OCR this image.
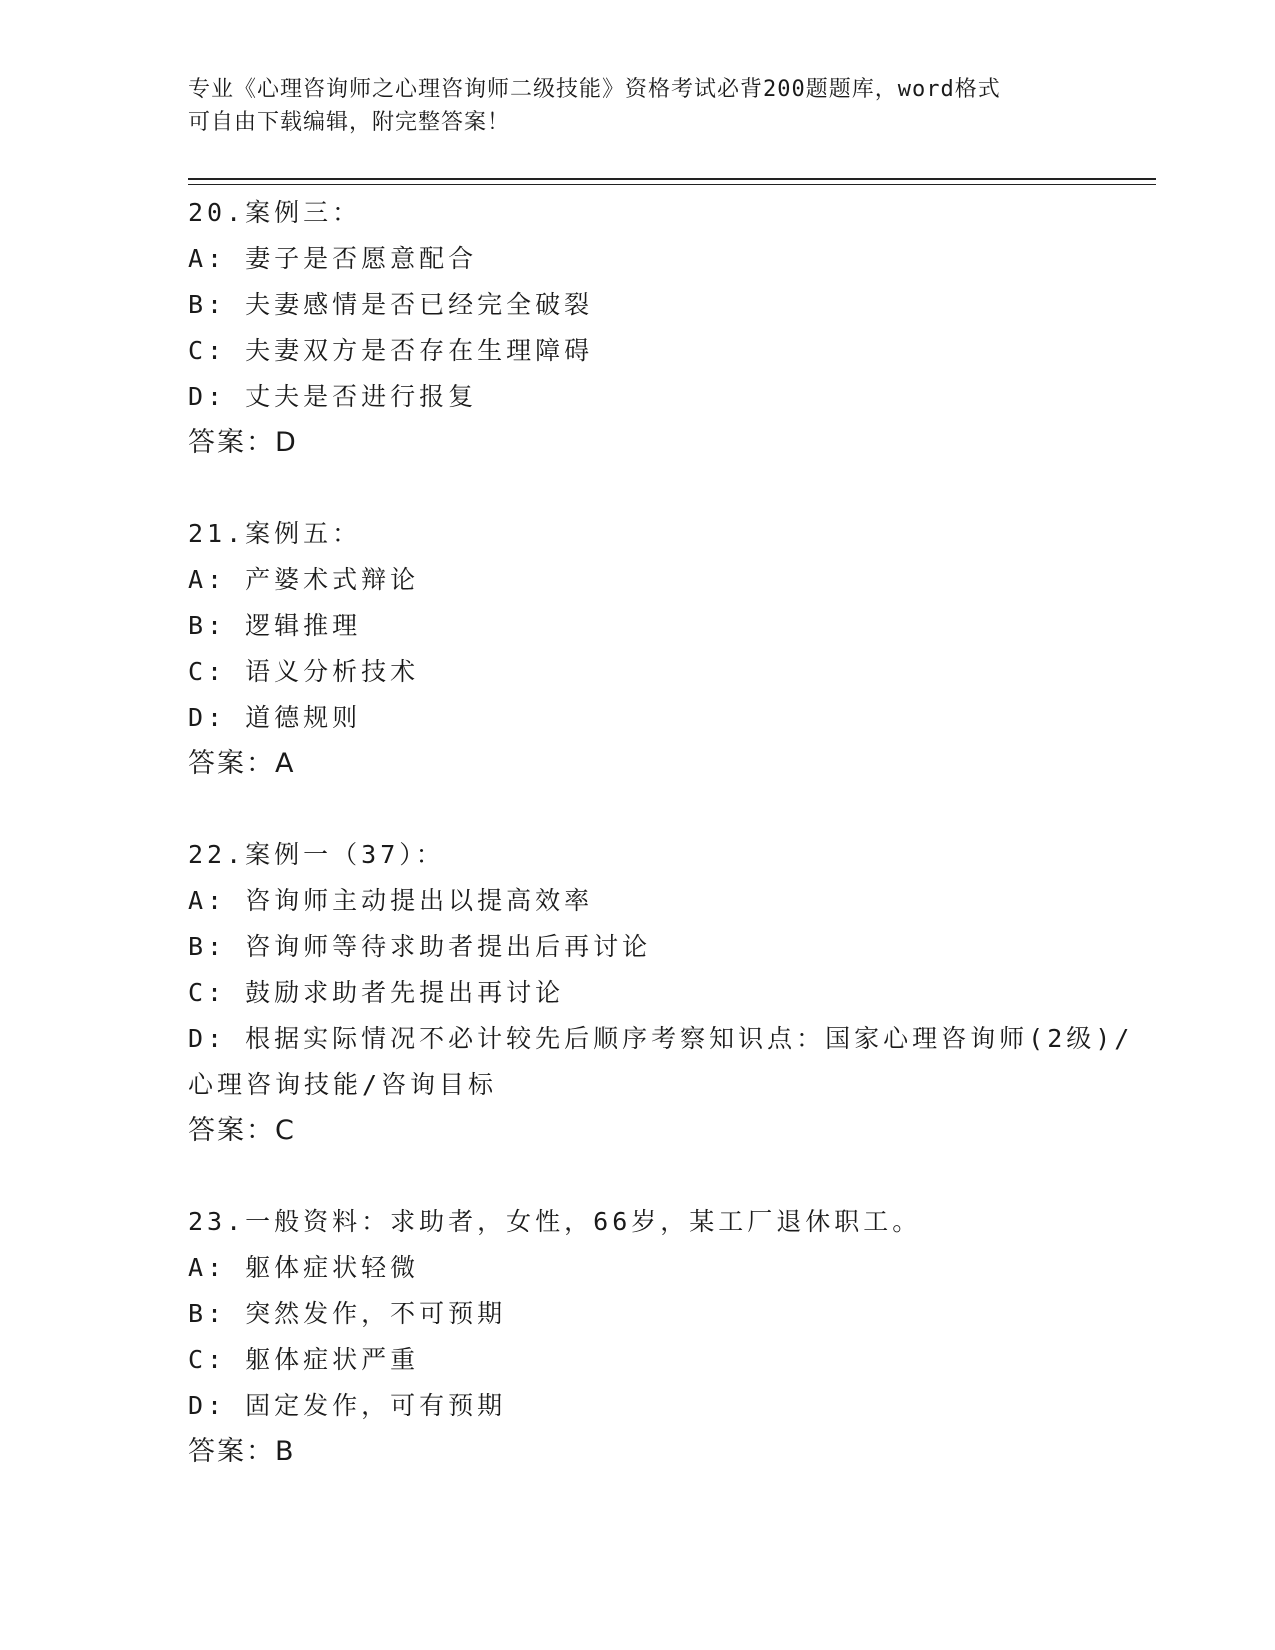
专业《心理咨询师之心理咨询师二级技能》资格考试必背200题题库，word格式
可自由下载编辑，附完整答案！
20.案例三：
A: 妻子是否愿意配合
B: 夫妻感情是否已经完全破裂
C: 夫妻双方是否存在生理障碍
D: 丈夫是否进行报复
答案：D
21.案例五：
A: 产婆术式辩论
B: 逻辑推理
C: 语义分析技术
D: 道德规则
答案：A
22.案例一（37）：
A: 咨询师主动提出以提高效率
B: 咨询师等待求助者提出后再讨论
C: 鼓励求助者先提出再讨论
D: 根据实际情况不必计较先后顺序考察知识点：国家心理咨询师(2级)/心理咨询技能/咨询目标
答案：C
23.一般资料：求助者，女性，66岁，某工厂退休职工。
A: 躯体症状轻微
B: 突然发作，不可预期
C: 躯体症状严重
D: 固定发作，可有预期
答案：B
